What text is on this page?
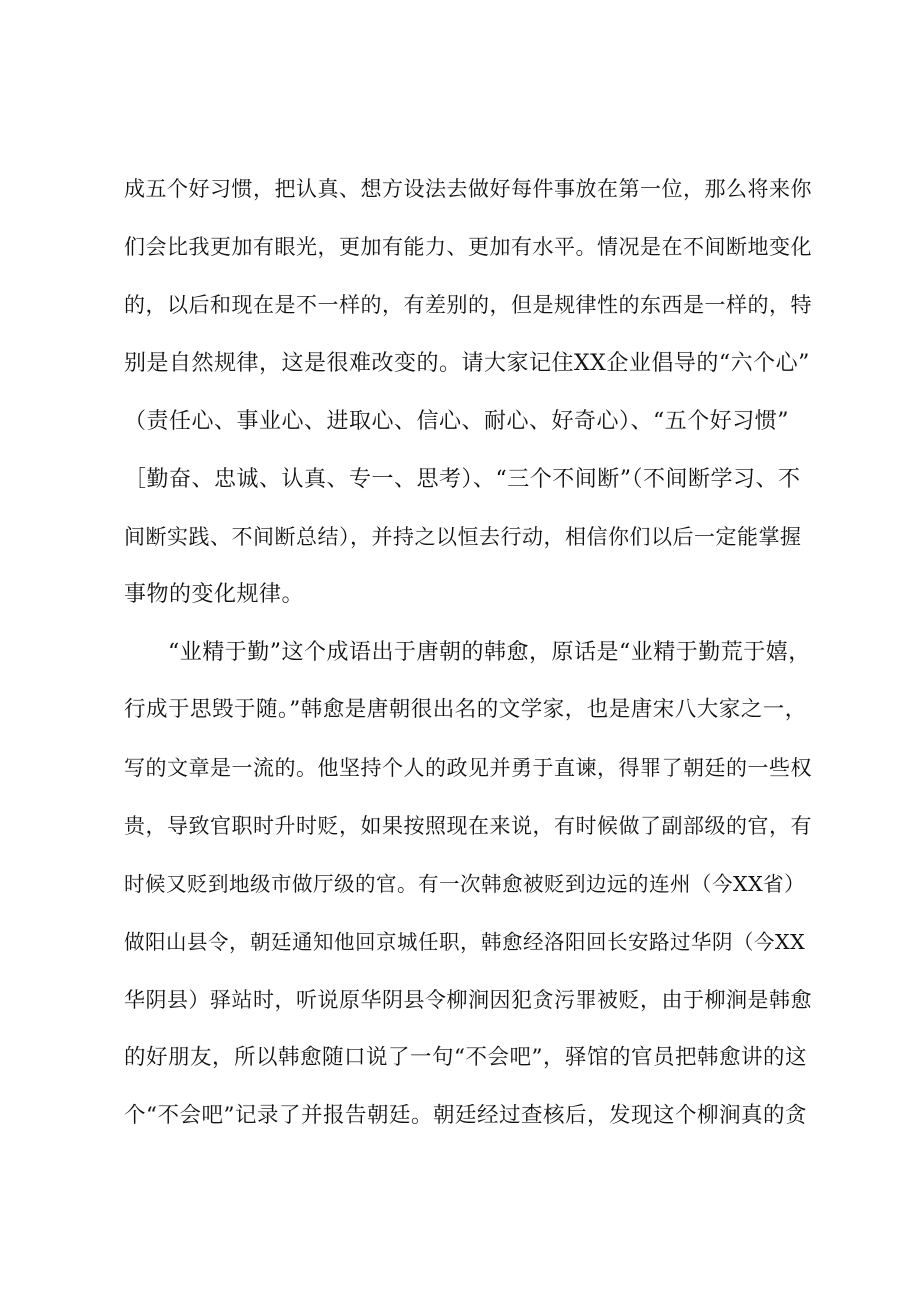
成五个好习惯，把认真、想方设法去做好每件事放在第一位，那么将来你
们会比我更加有眼光，更加有能力、更加有水平。情况是在不间断地变化
的，以后和现在是不一样的，有差别的，但是规律性的东西是一样的，特
别是自然规律，这是很难改变的。请大家记住XX企业倡导的“六个心”
（责任心、事业心、进取心、信心、耐心、好奇心）、“五个好习惯”
［勤奋、忠诚、认真、专一、思考）、“三个不间断”（不间断学习、不
间断实践、不间断总结），并持之以恒去行动，相信你们以后一定能掌握
事物的变化规律。
“业精于勤”这个成语出于唐朝的韩愈，原话是“业精于勤荒于嬉，
行成于思毁于随。”韩愈是唐朝很出名的文学家，也是唐宋八大家之一，
写的文章是一流的。他坚持个人的政见并勇于直谏，得罪了朝廷的一些权
贵，导致官职时升时贬，如果按照现在来说，有时候做了副部级的官，有
时候又贬到地级市做厅级的官。有一次韩愈被贬到边远的连州（今XX省）
做阳山县令，朝廷通知他回京城任职，韩愈经洛阳回长安路过华阴（今XX
华阴县）驿站时，听说原华阴县令柳涧因犯贪污罪被贬，由于柳涧是韩愈
的好朋友，所以韩愈随口说了一句“不会吧”，驿馆的官员把韩愈讲的这
个“不会吧”记录了并报告朝廷。朝廷经过查核后，发现这个柳涧真的贪
